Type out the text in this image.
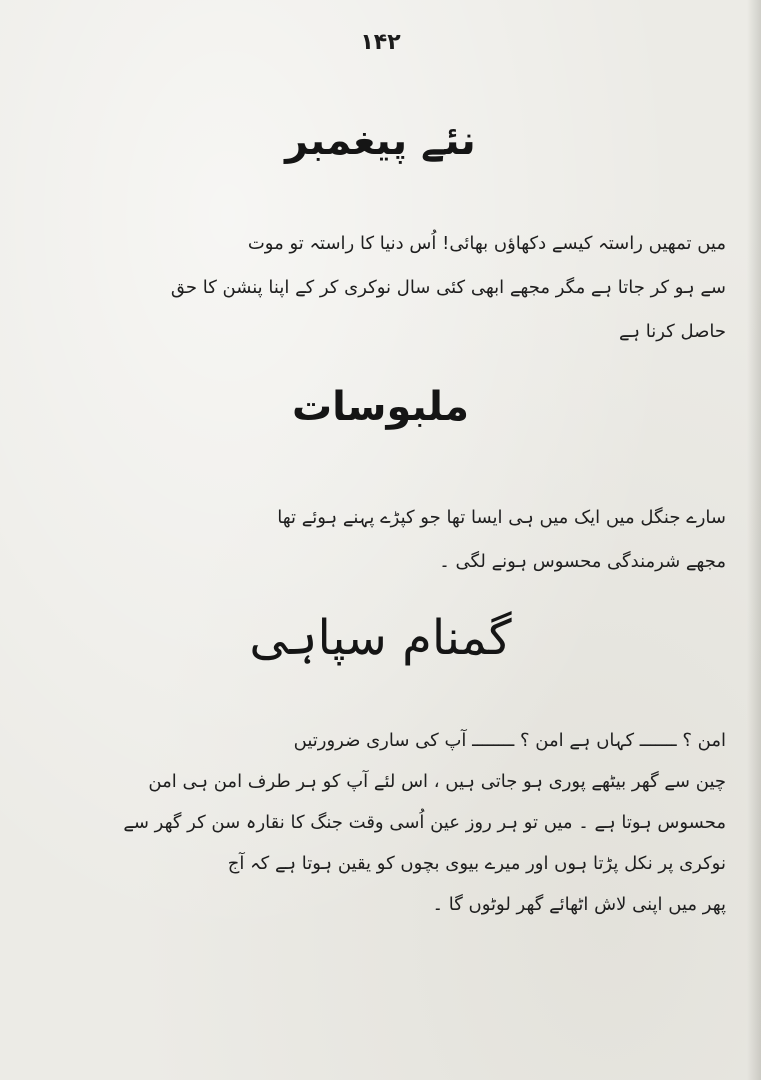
۱۴۲
نئے پیغمبر
میں تمھیں راستہ کیسے دکھاؤں بھائی! اُس دنیا کا راستہ تو موت
سے ہو کر جاتا ہے مگر مجھے ابھی کئی سال نوکری کر کے اپنا پنشن کا حق
حاصل کرنا ہے
ملبوسات
سارے جنگل میں ایک میں ہی ایسا تھا جو کپڑے پہنے ہوئے تھا
مجھے شرمندگی محسوس ہونے لگی ۔
گمنام سپاہی
امن ؟ ـــــــ کہاں ہے امن ؟ ــــــــ آپ کی ساری ضرورتیں
چین سے گھر بیٹھے پوری ہو جاتی ہیں ، اس لئے آپ کو ہر طرف امن ہی امن
محسوس ہوتا ہے ۔ میں تو ہر روز عین اُسی وقت جنگ کا نقارہ سن کر گھر سے
نوکری پر نکل پڑتا ہوں اور میرے بیوی بچوں کو یقین ہوتا ہے کہ آج
پھر میں اپنی لاش اٹھائے گھر لوٹوں گا ۔
